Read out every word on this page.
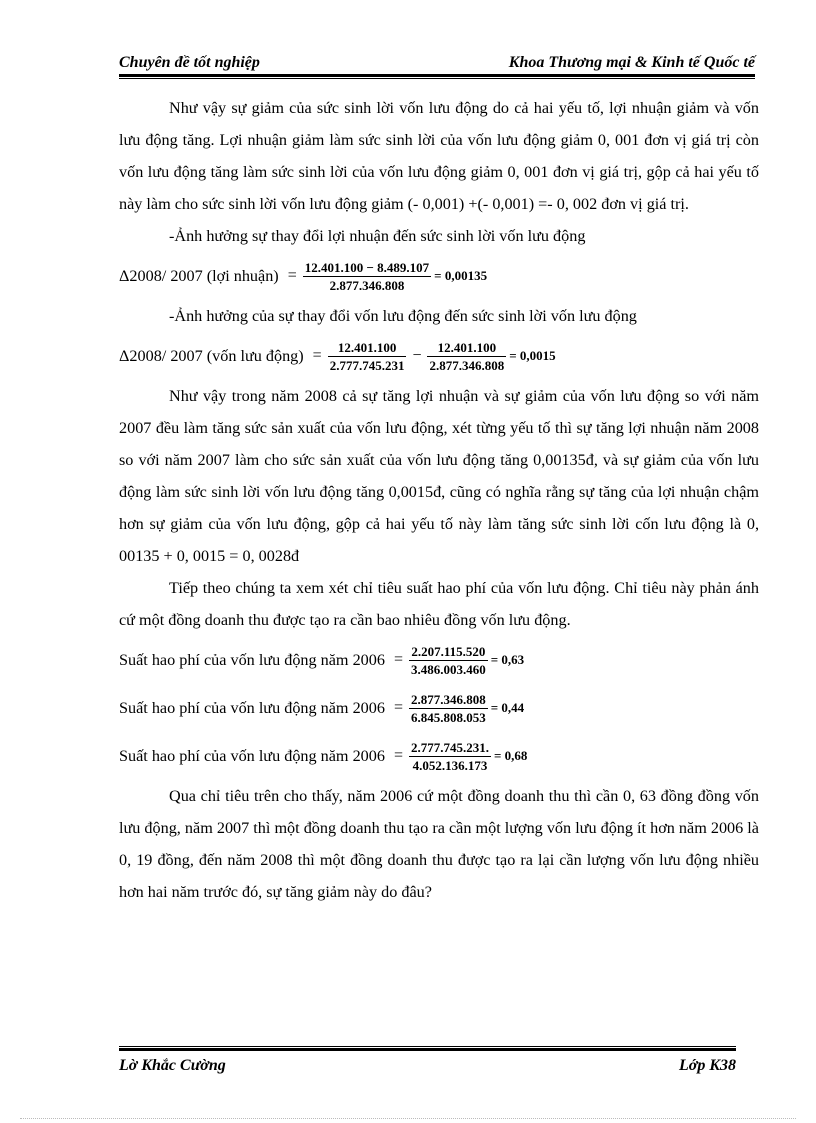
Chuyên đề tốt nghiệp	Khoa Thương mại & Kinh tế Quốc tế

Như vậy sự giảm của sức sinh lời vốn lưu động do cả hai yếu tố, lợi nhuận giảm và vốn lưu động tăng. Lợi nhuận giảm làm sức sinh lời của vốn lưu động giảm 0, 001 đơn vị giá trị còn vốn lưu động tăng làm sức sinh lời của vốn lưu động giảm 0, 001 đơn vị giá trị, gộp cả hai yếu tố này làm cho sức sinh lời vốn lưu động giảm (- 0,001) +(- 0,001) =- 0, 002 đơn vị giá trị.

-Ảnh hưởng sự thay đổi lợi nhuận đến sức sinh lời vốn lưu động

Δ2008/ 2007 (lợi nhuận) = $\frac{12.401.100 - 8.489.107}{2.877.346.808} = 0,00135$

-Ảnh hưởng của sự thay đổi vốn lưu động đến sức sinh lời vốn lưu động

Δ2008/ 2007 (vốn lưu động) = $\frac{12.401.100}{2.777.745.231} - \frac{12.401.100}{2.877.346.808} = 0,0015$

Như vậy trong năm 2008 cả sự tăng lợi nhuận và sự giảm của vốn lưu động so với năm 2007 đều làm tăng sức sản xuất của vốn lưu động, xét từng yếu tố thì sự tăng lợi nhuận năm 2008 so với năm 2007 làm cho sức sản xuất của vốn lưu động tăng 0,00135đ, và sự giảm của vốn lưu động làm sức sinh lời vốn lưu động tăng 0,0015đ, cũng có nghĩa rằng sự tăng của lợi nhuận chậm hơn sự giảm của vốn lưu động, gộp cả hai yếu tố này làm tăng sức sinh lời cốn lưu động là 0, 00135 + 0, 0015 = 0, 0028đ

Tiếp theo chúng ta xem xét chỉ tiêu suất hao phí của vốn lưu động. Chỉ tiêu này phản ánh cứ một đồng doanh thu được tạo ra cần bao nhiêu đồng vốn lưu động.

Suất hao phí của vốn lưu động năm $2006 = \frac{2.207.115.520}{3.486.003.460} = 0,63$
Suất hao phí của vốn lưu động năm $2006 = \frac{2.877.346.808}{6.845.808.053} = 0,44$
Suất hao phí của vốn lưu động năm $2006 = \frac{2.777.745.231.}{4.052.136.173} = 0,68$

Qua chỉ tiêu trên cho thấy, năm 2006 cứ một đồng doanh thu thì cần 0, 63 đồng đồng vốn lưu động, năm 2007 thì một đồng doanh thu tạo ra cần một lượng vốn lưu động ít hơn năm 2006 là 0, 19 đồng, đến năm 2008 thì một đồng doanh thu được tạo ra lại cần lượng vốn lưu động nhiều hơn hai năm trước đó, sự tăng giảm này do đâu?

Lờ Khắc Cường	Lớp K38
